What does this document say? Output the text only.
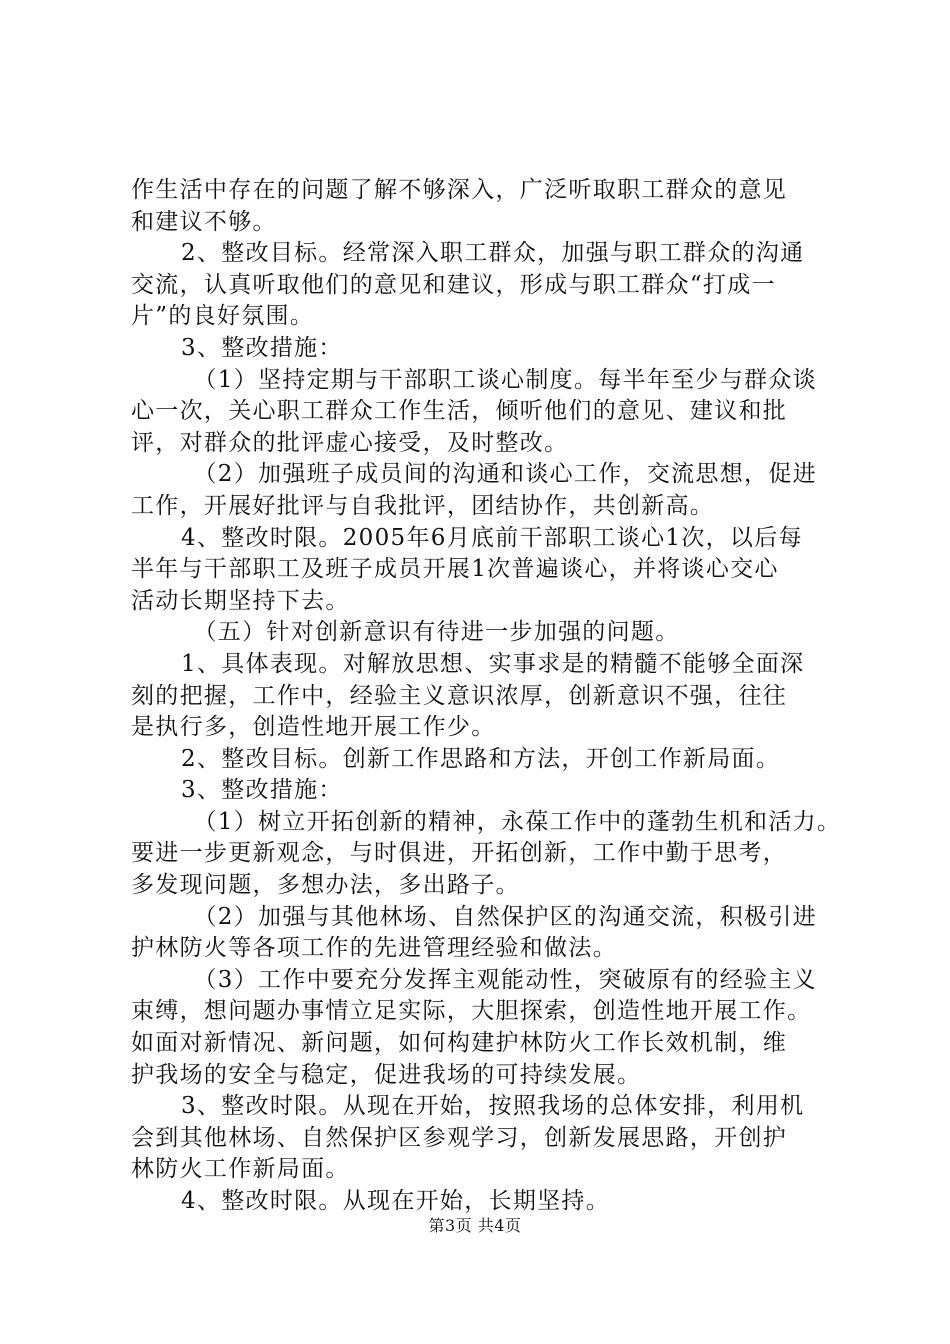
作生活中存在的问题了解不够深入，广泛听取职工群众的意见
和建议不够。
2、整改目标。经常深入职工群众，加强与职工群众的沟通
交流，认真听取他们的意见和建议，形成与职工群众“打成一
片”的良好氛围。
3、整改措施：
（1）坚持定期与干部职工谈心制度。每半年至少与群众谈
心一次，关心职工群众工作生活，倾听他们的意见、建议和批
评，对群众的批评虚心接受，及时整改。
（2）加强班子成员间的沟通和谈心工作，交流思想，促进
工作，开展好批评与自我批评，团结协作，共创新高。
4、整改时限。2005年6月底前干部职工谈心1次，以后每
半年与干部职工及班子成员开展1次普遍谈心，并将谈心交心
活动长期坚持下去。
（五）针对创新意识有待进一步加强的问题。
1、具体表现。对解放思想、实事求是的精髓不能够全面深
刻的把握，工作中，经验主义意识浓厚，创新意识不强，往往
是执行多，创造性地开展工作少。
2、整改目标。创新工作思路和方法，开创工作新局面。
3、整改措施：
（1）树立开拓创新的精神，永葆工作中的蓬勃生机和活力。
要进一步更新观念，与时俱进，开拓创新，工作中勤于思考，
多发现问题，多想办法，多出路子。
（2）加强与其他林场、自然保护区的沟通交流，积极引进
护林防火等各项工作的先进管理经验和做法。
（3）工作中要充分发挥主观能动性，突破原有的经验主义
束缚，想问题办事情立足实际，大胆探索，创造性地开展工作。
如面对新情况、新问题，如何构建护林防火工作长效机制，维
护我场的安全与稳定，促进我场的可持续发展。
3、整改时限。从现在开始，按照我场的总体安排，利用机
会到其他林场、自然保护区参观学习，创新发展思路，开创护
林防火工作新局面。
4、整改时限。从现在开始，长期坚持。
第3页 共4页
